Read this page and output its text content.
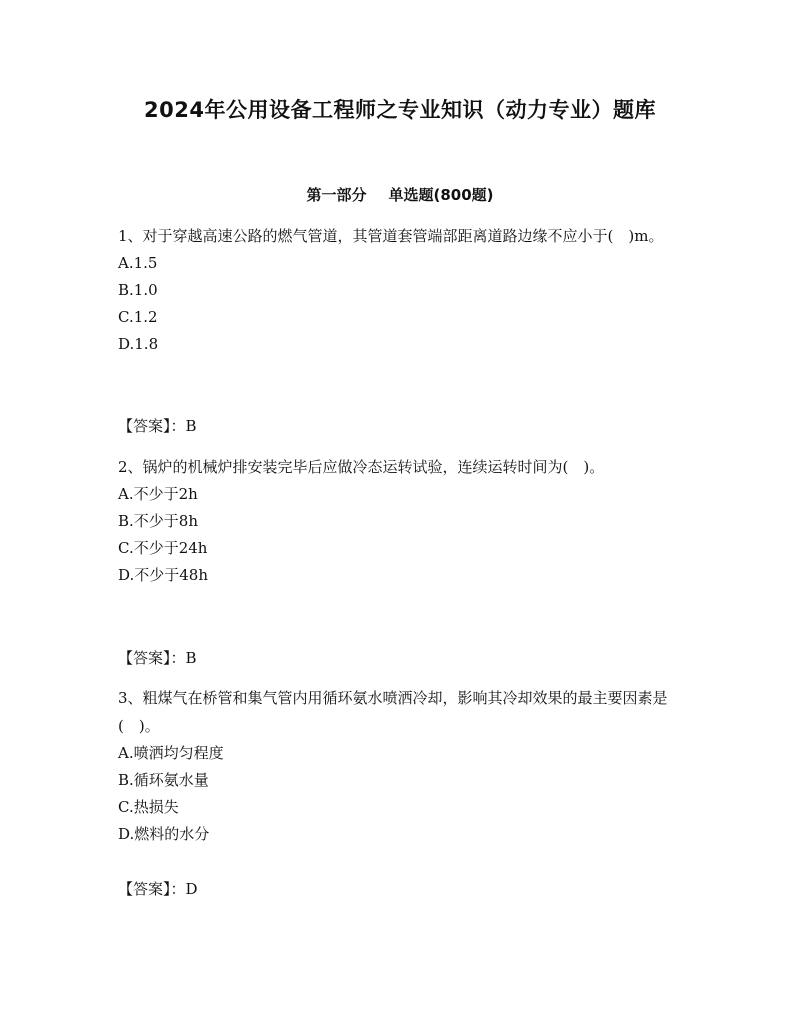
2024年公用设备工程师之专业知识（动力专业）题库
第一部分 单选题(800题)

1、对于穿越高速公路的燃气管道，其管道套管端部距离道路边缘不应小于(　)m。

A.1.5

B.1.0

C.1.2

D.1.8

【答案】：B

2、锅炉的机械炉排安装完毕后应做冷态运转试验，连续运转时间为(　)。

A.不少于2h

B.不少于8h

C.不少于24h

D.不少于48h

【答案】：B

3、粗煤气在桥管和集气管内用循环氨水喷洒冷却，影响其冷却效果的最主要因素是(　)。

A.喷洒均匀程度

B.循环氨水量

C.热损失

D.燃料的水分

【答案】：D
